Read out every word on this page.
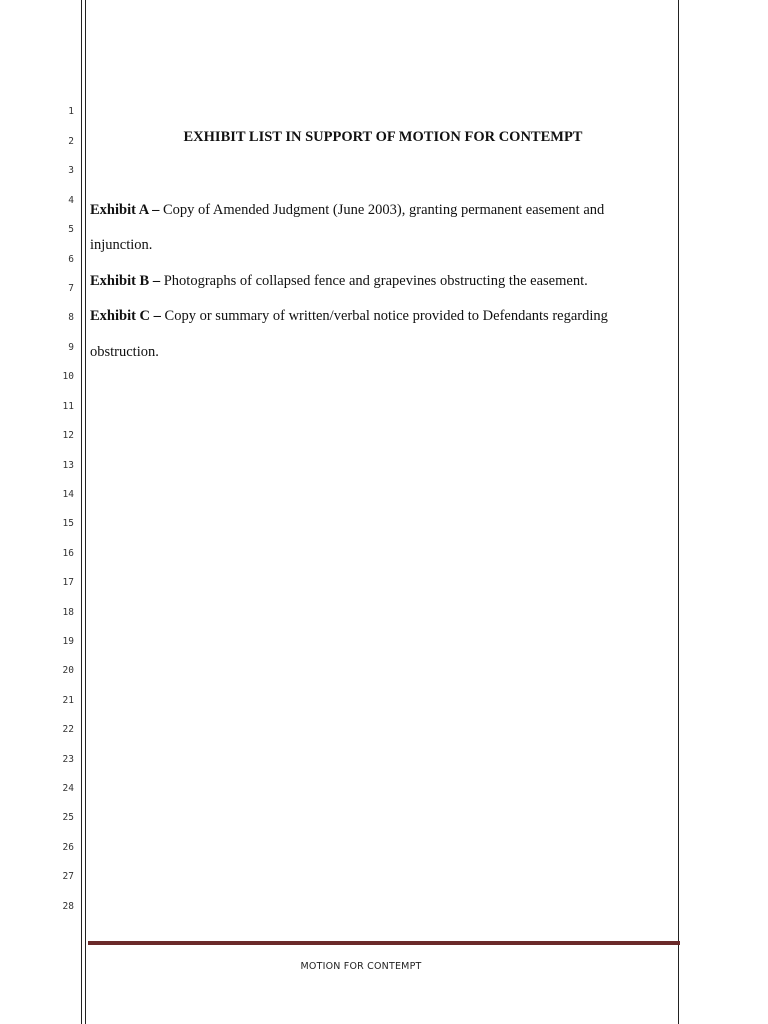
1
2
3
4
5
6
7
8
9
10
11
12
13
14
15
16
17
18
19
20
21
22
23
24
25
26
27
28
EXHIBIT LIST IN SUPPORT OF MOTION FOR CONTEMPT
Exhibit A – Copy of Amended Judgment (June 2003), granting permanent easement and
injunction.
Exhibit B – Photographs of collapsed fence and grapevines obstructing the easement.
Exhibit C – Copy or summary of written/verbal notice provided to Defendants regarding
obstruction.
MOTION FOR CONTEMPT
